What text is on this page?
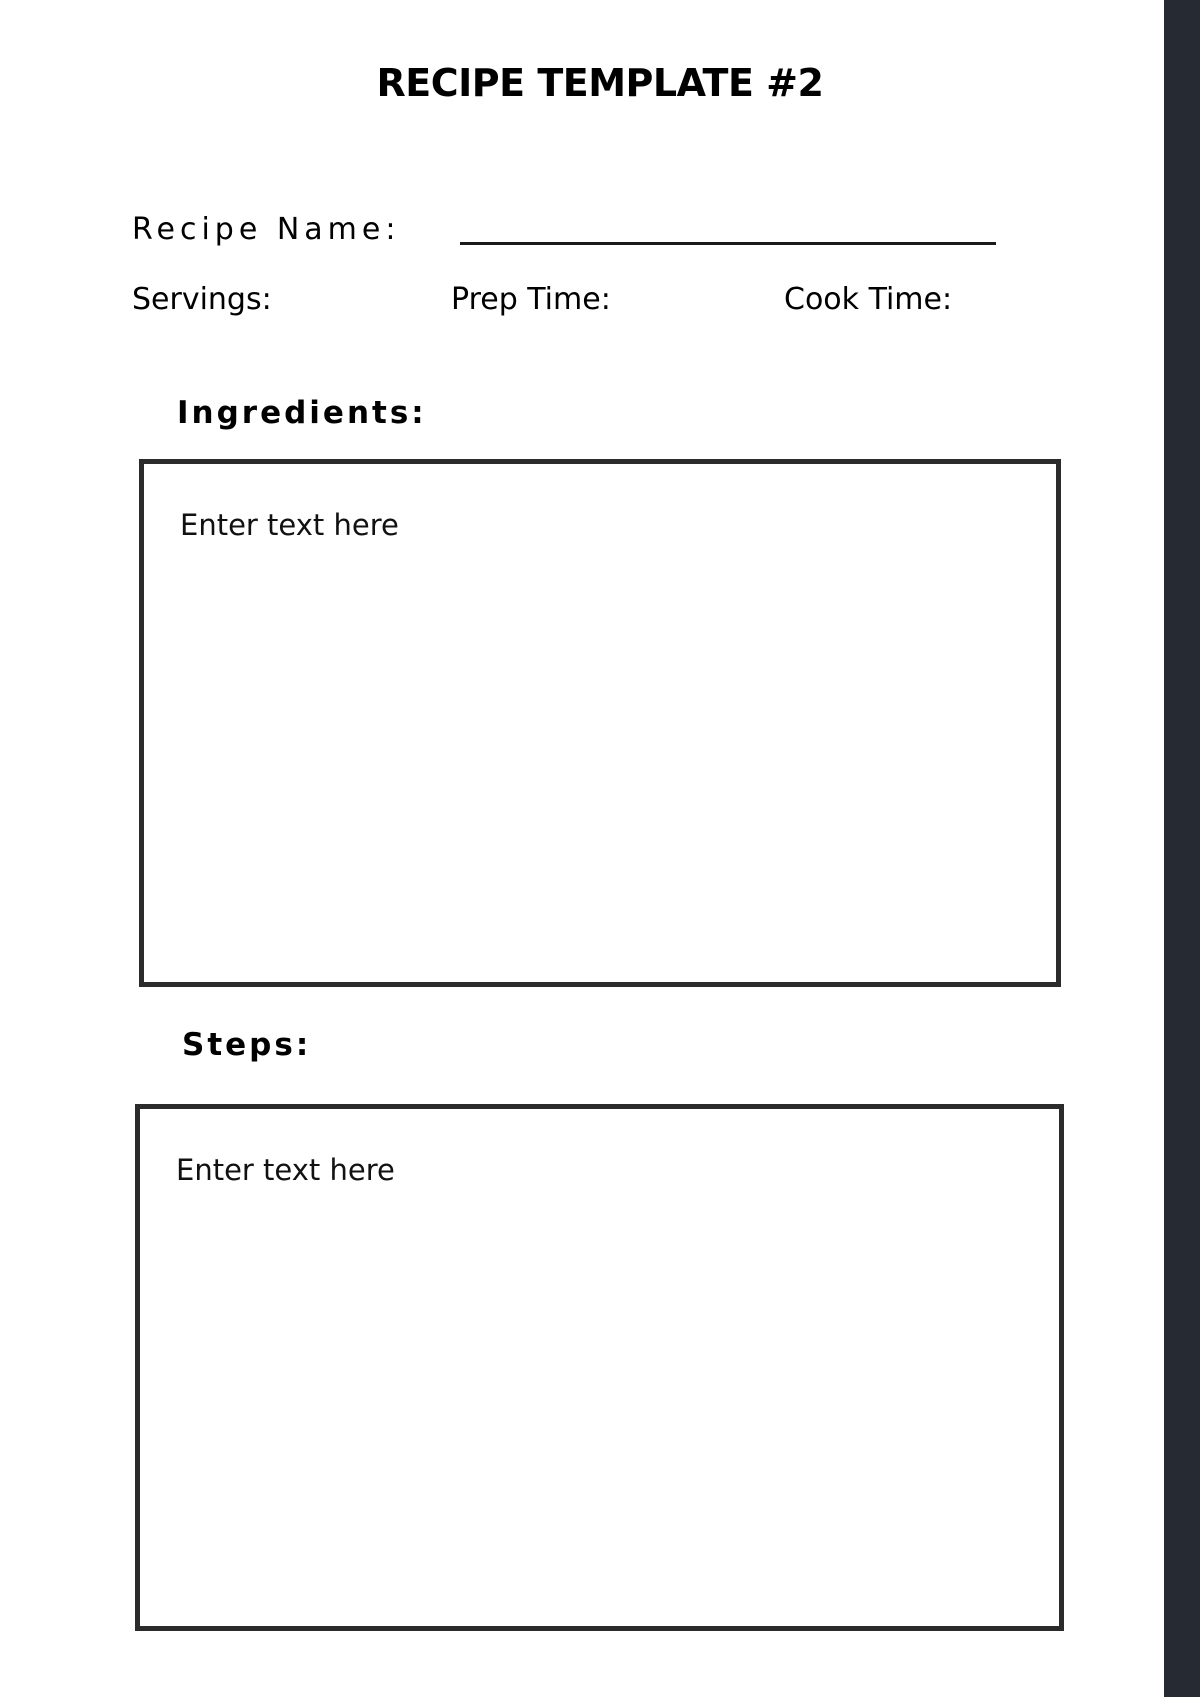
RECIPE TEMPLATE #2
Recipe Name:
Servings:	Prep Time:	Cook Time:
Ingredients:
Enter text here
Steps:
Enter text here
